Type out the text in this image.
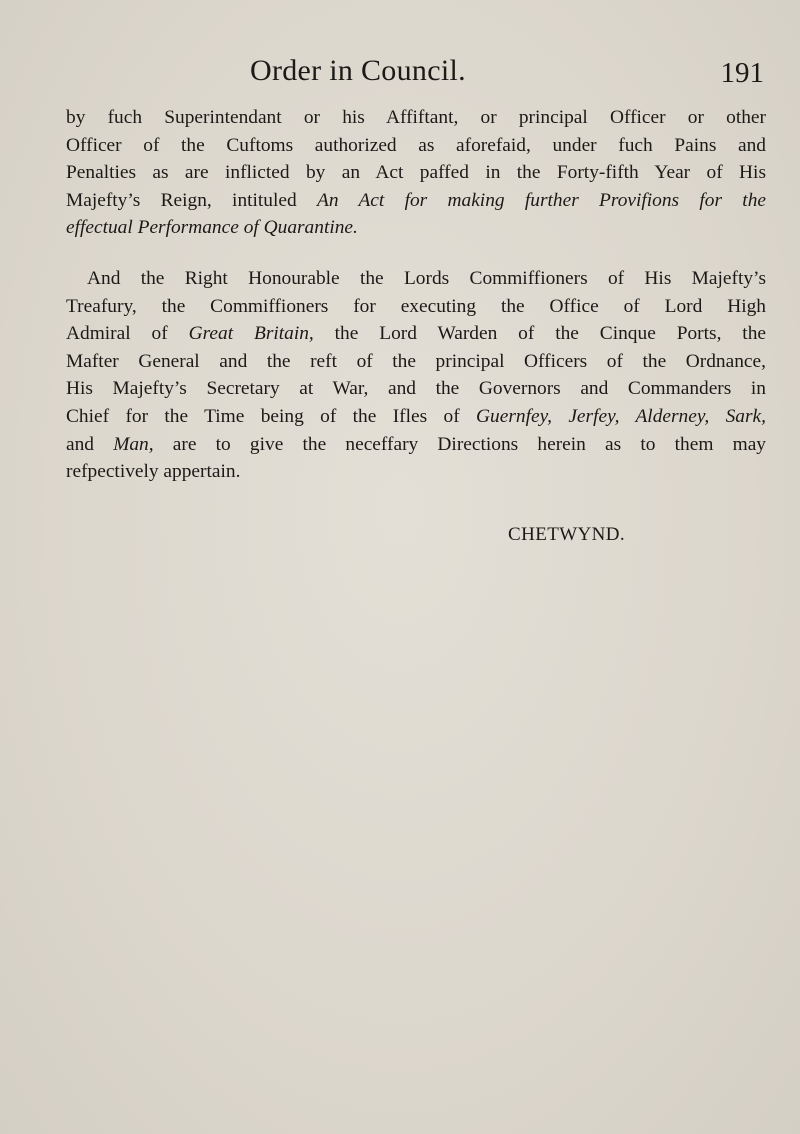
Order in Council.	191

by fuch Superintendant or his Affiftant, or principal Officer or other
Officer of the Cuftoms authorized as aforefaid, under fuch Pains and
Penalties as are inflicted by an Act paffed in the Forty-fifth Year of His
Majefty’s Reign, intituled An Act for making further Provifions for the
effectual Performance of Quarantine.

And the Right Honourable the Lords Commiffioners of His Majefty’s
Treafury, the Commiffioners for executing the Office of Lord High
Admiral of Great Britain, the Lord Warden of the Cinque Ports, the
Mafter General and the reft of the principal Officers of the Ordnance,
His Majefty’s Secretary at War, and the Governors and Commanders in
Chief for the Time being of the Ifles of Guernfey, Jerfey, Alderney, Sark,
and Man, are to give the neceffary Directions herein as to them may
refpectively appertain.

CHETWYND.
